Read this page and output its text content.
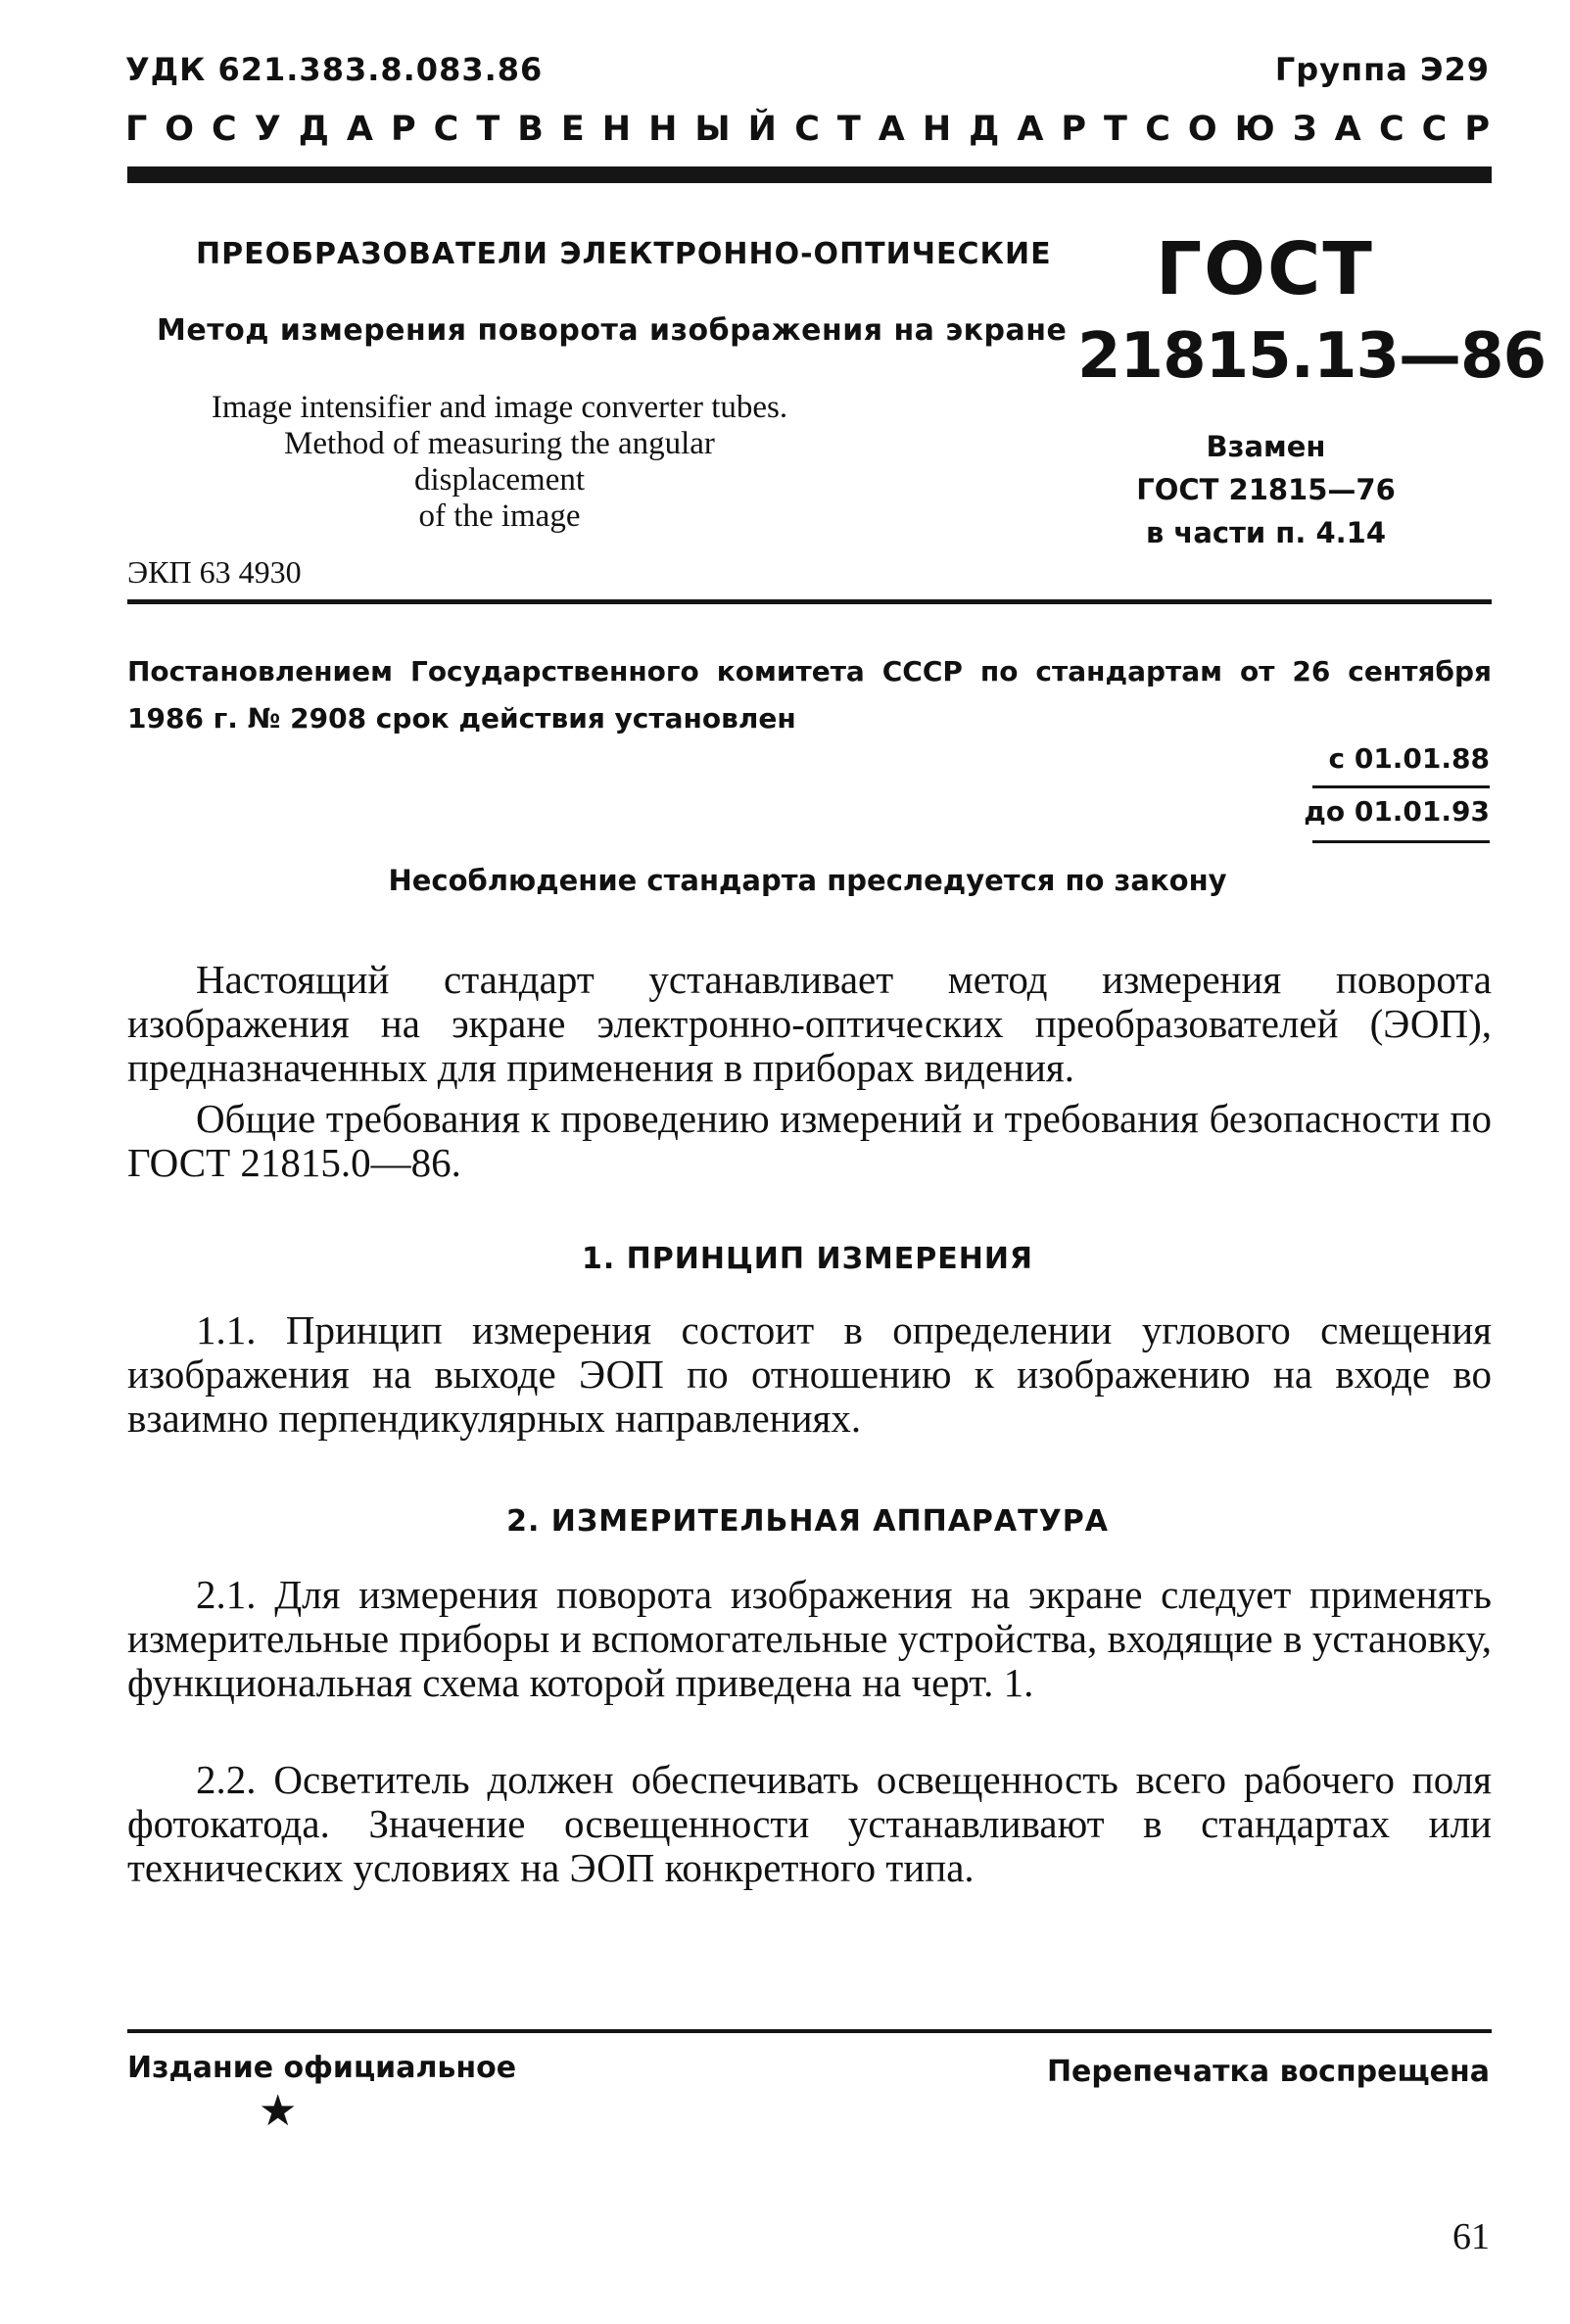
УДК 621.383.8.083.86	Группа Э29
ГОСУДАРСТВЕННЫЙ СТАНДАРТ СОЮЗА ССР
ПРЕОБРАЗОВАТЕЛИ ЭЛЕКТРОННО-ОПТИЧЕСКИЕ
Метод измерения поворота изображения на экране
Image intensifier and image converter tubes.
Method of measuring the angular displacement
of the image
ЭКП 63 4930
ГОСТ
21815.13—86
Взамен
ГОСТ 21815—76
в части п. 4.14
Постановлением Государственного комитета СССР по стандартам от 26 сентября 1986 г. № 2908 срок действия установлен
с 01.01.88
до 01.01.93
Несоблюдение стандарта преследуется по закону
Настоящий стандарт устанавливает метод измерения поворота изображения на экране электронно-оптических преобразователей (ЭОП), предназначенных для применения в приборах видения.
Общие требования к проведению измерений и требования безопасности по ГОСТ 21815.0—86.
1. ПРИНЦИП ИЗМЕРЕНИЯ
1.1. Принцип измерения состоит в определении углового смещения изображения на выходе ЭОП по отношению к изображению на входе во взаимно перпендикулярных направлениях.
2. ИЗМЕРИТЕЛЬНАЯ АППАРАТУРА
2.1. Для измерения поворота изображения на экране следует применять измерительные приборы и вспомогательные устройства, входящие в установку, функциональная схема которой приведена на черт. 1.
2.2. Осветитель должен обеспечивать освещенность всего рабочего поля фотокатода. Значение освещенности устанавливают в стандартах или технических условиях на ЭОП конкретного типа.
Издание официальное	Перепечатка воспрещена
★
61
